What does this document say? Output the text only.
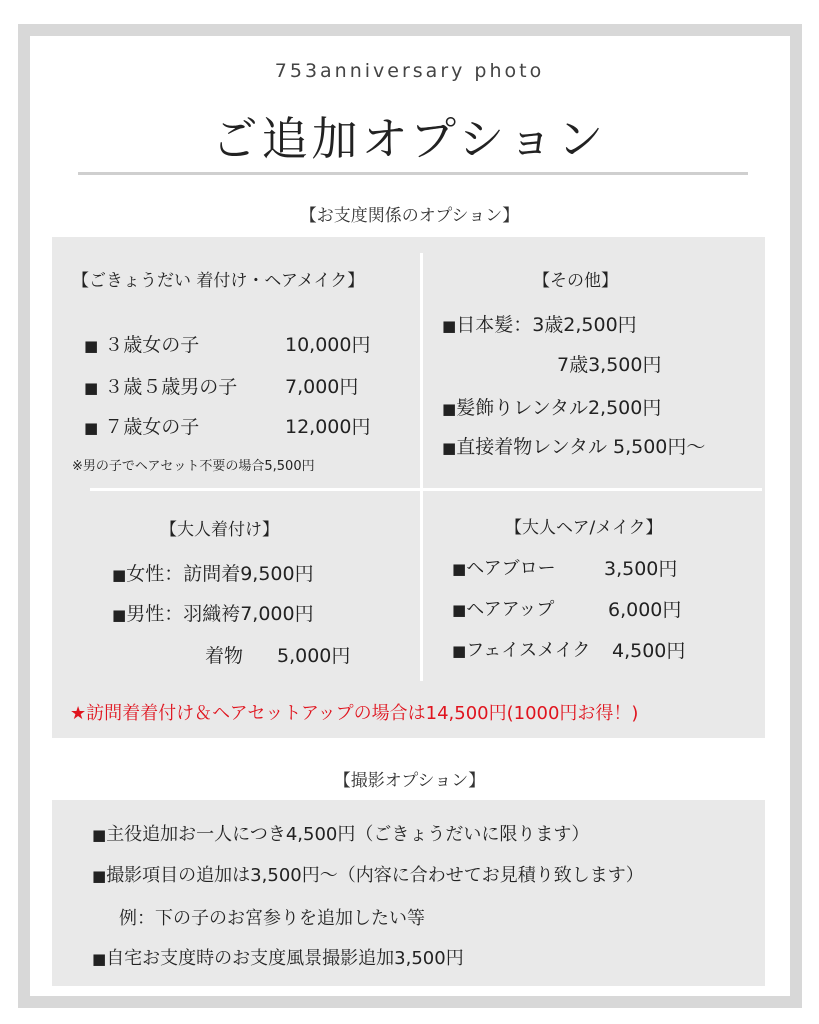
753anniversary photo
ご追加オプション
【お支度関係のオプション】
【ごきょうだい 着付け・ヘアメイク】
■ ３歳女の子	10,000円
■ ３歳５歳男の子	7,000円
■ ７歳女の子	12,000円
※男の子でヘアセット不要の場合5,500円
【その他】
■日本髪：3歳2,500円
7歳3,500円
■髪飾りレンタル2,500円
■直接着物レンタル 5,500円～
【大人着付け】
■女性：訪問着9,500円
■男性：羽織袴7,000円
着物 5,000円
【大人ヘア/メイク】
■ヘアブロー	3,500円
■ヘアアップ	6,000円
■フェイスメイク 4,500円
★訪問着着付け＆ヘアセットアップの場合は14,500円(1000円お得！)
【撮影オプション】
■主役追加お一人につき4,500円（ごきょうだいに限ります）
■撮影項目の追加は3,500円～（内容に合わせてお見積り致します）
例：下の子のお宮参りを追加したい等
■自宅お支度時のお支度風景撮影追加3,500円
